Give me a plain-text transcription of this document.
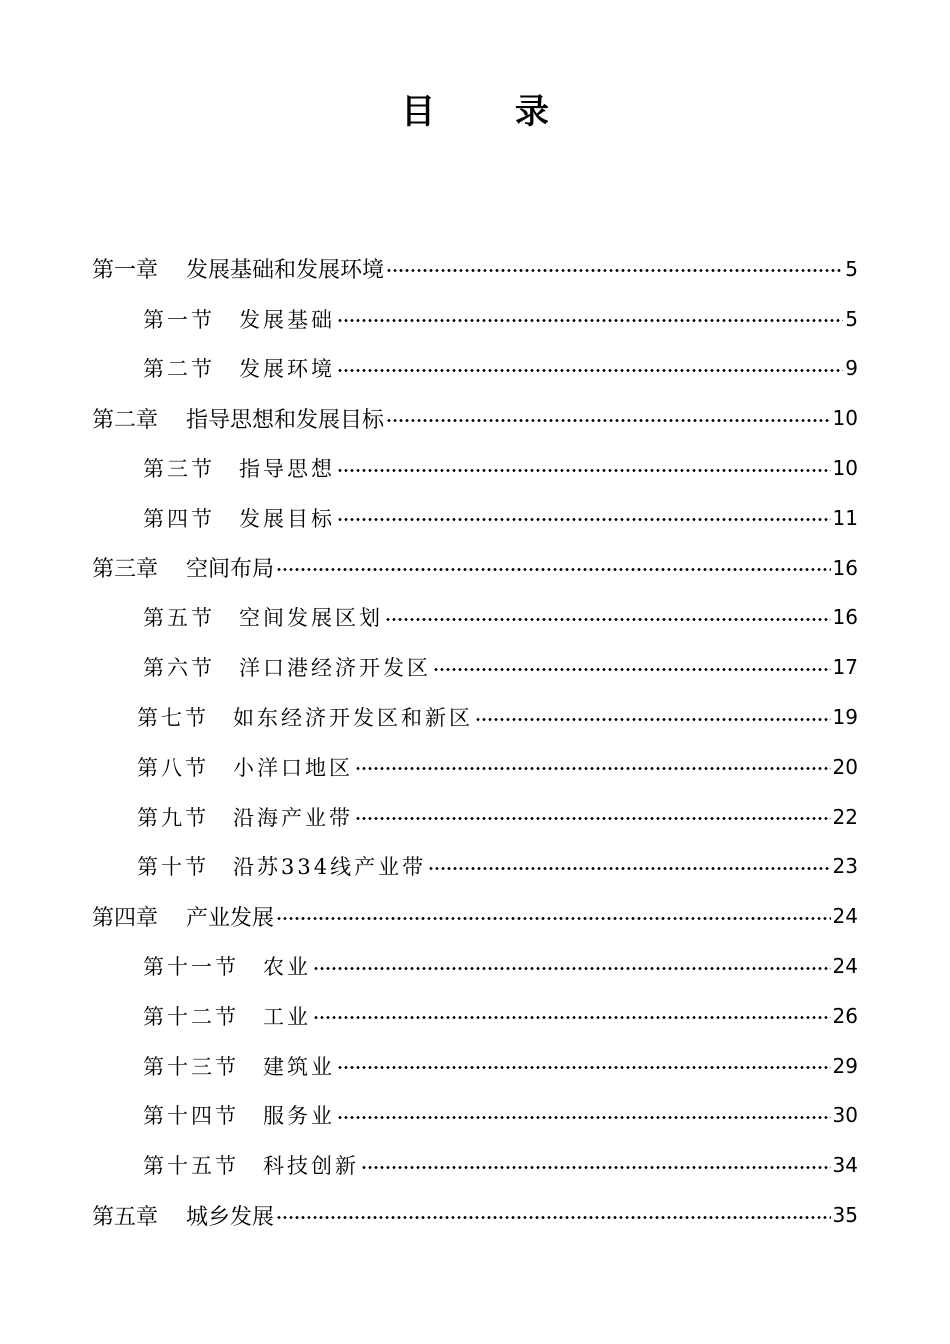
目 录
第一章 发展基础和发展环境	5
第一节 发展基础	5
第二节 发展环境	9
第二章 指导思想和发展目标	10
第三节 指导思想	10
第四节 发展目标	11
第三章 空间布局	16
第五节 空间发展区划	16
第六节 洋口港经济开发区	17
第七节 如东经济开发区和新区	19
第八节 小洋口地区	20
第九节 沿海产业带	22
第十节 沿苏334线产业带	23
第四章 产业发展	24
第十一节 农业	24
第十二节 工业	26
第十三节 建筑业	29
第十四节 服务业	30
第十五节 科技创新	34
第五章 城乡发展	35
